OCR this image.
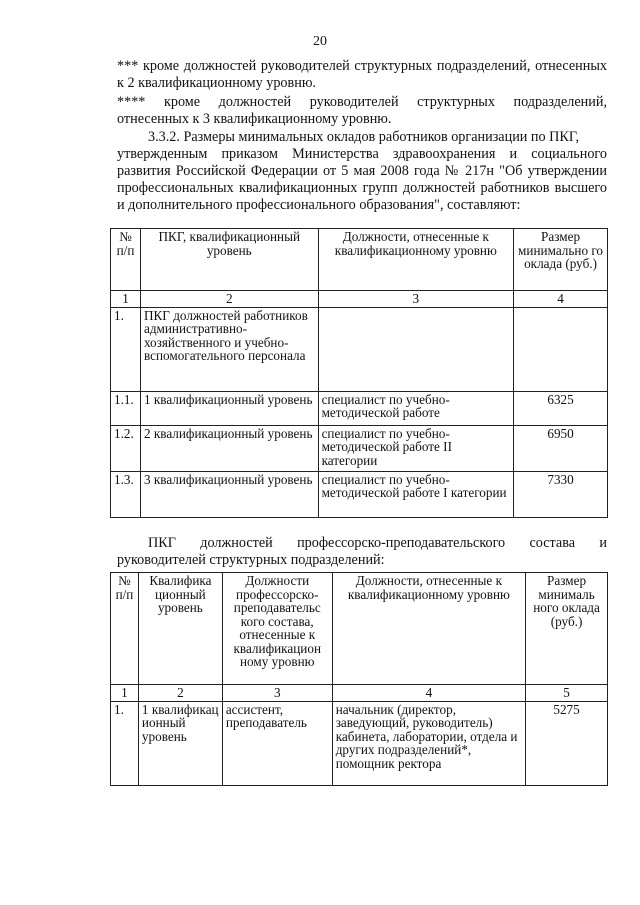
20
*** кроме должностей руководителей структурных подразделений, отнесенных к 2 квалификационному уровню.
**** кроме должностей руководителей структурных подразделений, отнесенных к 3 квалификационному уровню.
3.3.2. Размеры минимальных окладов работников организации по ПКГ,
утвержденным приказом Министерства здравоохранения и социального развития Российской Федерации от 5 мая 2008 года № 217н "Об утверждении профессиональных квалификационных групп должностей работников высшего и дополнительного профессионального образования", составляют:
№ п/п	ПКГ, квалификационный уровень	Должности, отнесенные к квалификационному уровню	Размер минимально го оклада (руб.)
1	2	3	4
1.	ПКГ должностей работников административно-хозяйственного и учебно-вспомогательного персонала		
1.1.	1 квалификационный уровень	специалист по учебно-методической работе	6325
1.2.	2 квалификационный уровень	специалист по учебно-методической работе II категории	6950
1.3.	3 квалификационный уровень	специалист по учебно-методической работе I категории	7330
ПКГ должностей профессорско-преподавательского состава и
руководителей структурных подразделений:
№ п/п	Квалифика ционный уровень	Должности профессорско-преподавательс кого состава, отнесенные к квалификацион ному уровню	Должности, отнесенные к квалификационному уровню	Размер минималь ного оклада (руб.)
1	2	3	4	5
1.	1 квалификац ионный уровень	ассистент, преподаватель	начальник (директор, заведующий, руководитель) кабинета, лаборатории, отдела и других подразделений*, помощник ректора	5275
